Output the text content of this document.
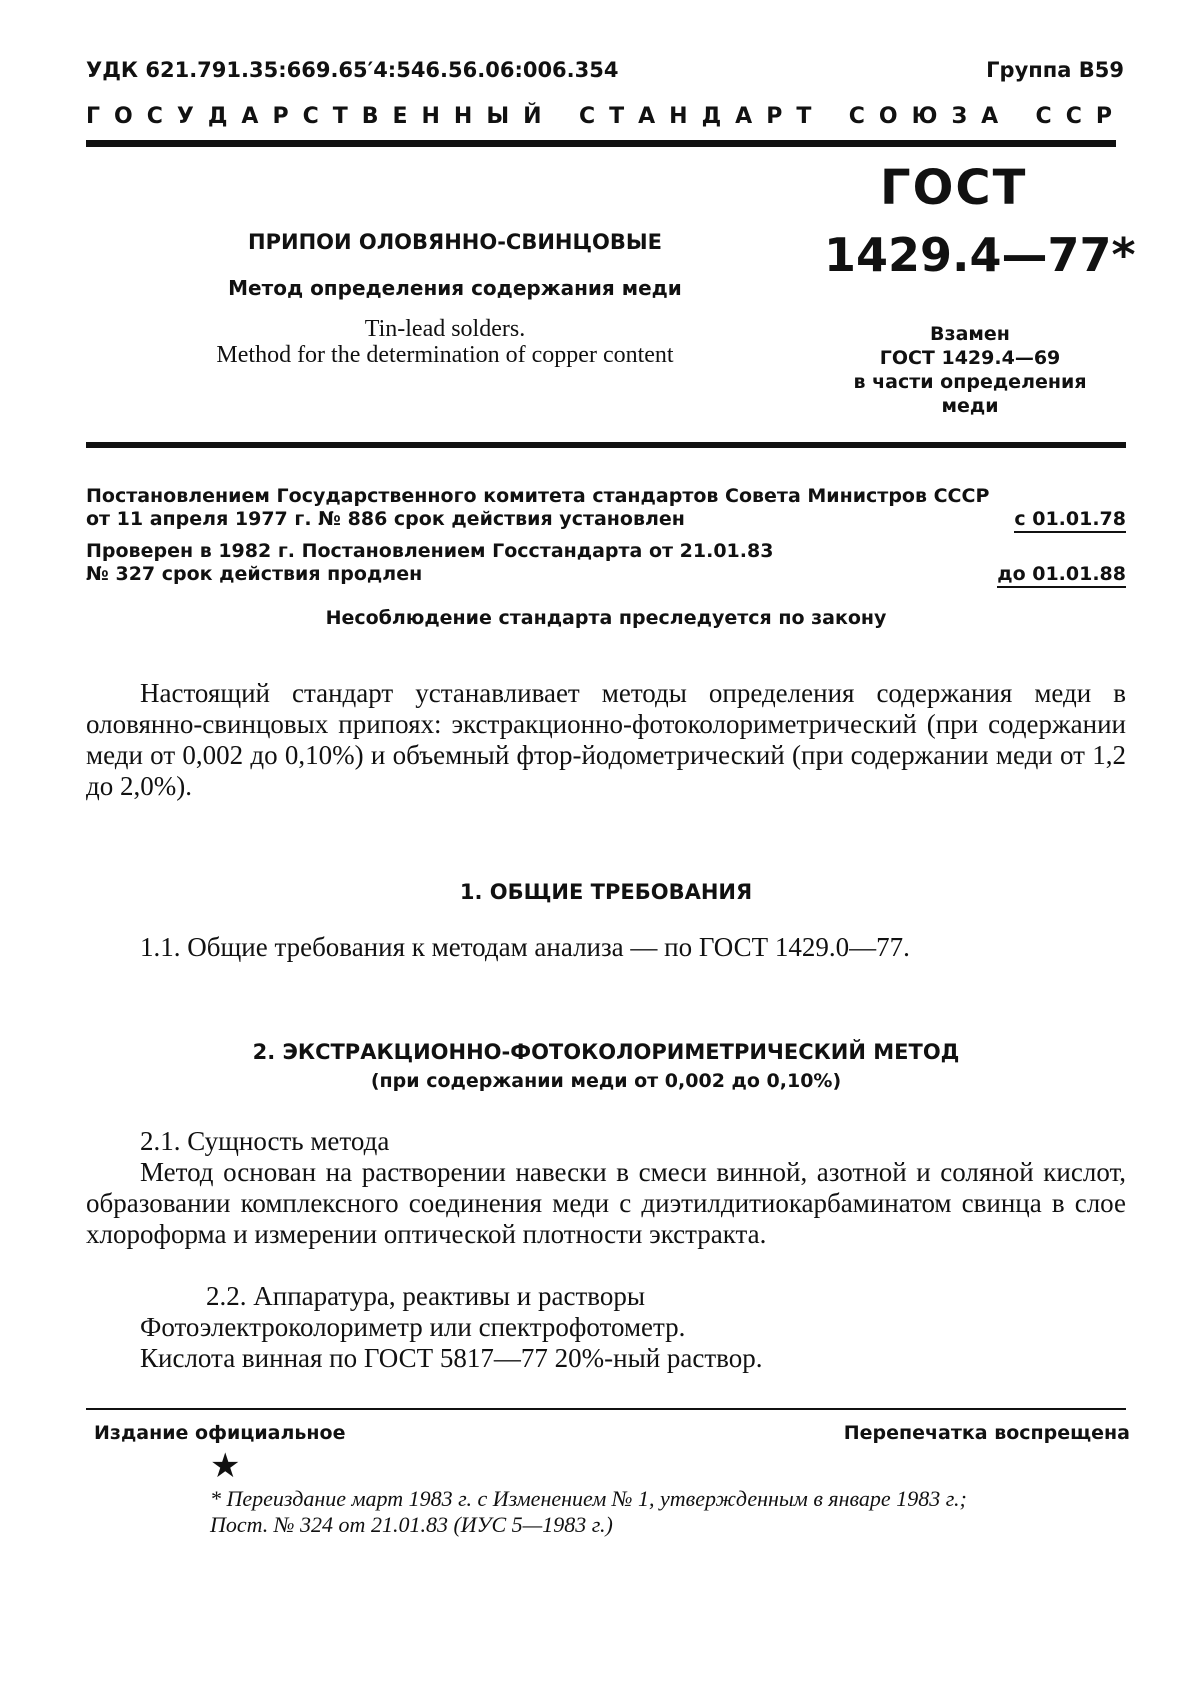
УДК 621.791.35:669.65′4:546.56.06:006.354	Группа В59
ГОСУДАРСТВЕННЫЙ СТАНДАРТ СОЮЗА ССР
ГОСТ
1429.4—77*
ПРИПОИ ОЛОВЯННО-СВИНЦОВЫЕ
Метод определения содержания меди
Tin-lead solders.
Method for the determination of copper content
Взамен
ГОСТ 1429.4—69
в части определения
меди
Постановлением Государственного комитета стандартов Совета Министров СССР
от 11 апреля 1977 г. № 886 срок действия установлен	с 01.01.78
Проверен в 1982 г. Постановлением Госстандарта от 21.01.83
№ 327 срок действия продлен	до 01.01.88
Несоблюдение стандарта преследуется по закону
Настоящий стандарт устанавливает методы определения содержания меди в оловянно-свинцовых припоях: экстракционно-фотоколориметрический (при содержании меди от 0,002 до 0,10%) и объемный фтор-йодометрический (при содержании меди от 1,2 до 2,0%).
1. ОБЩИЕ ТРЕБОВАНИЯ
1.1. Общие требования к методам анализа — по ГОСТ 1429.0—77.
2. ЭКСТРАКЦИОННО-ФОТОКОЛОРИМЕТРИЧЕСКИЙ МЕТОД
(при содержании меди от 0,002 до 0,10%)
2.1. Сущность метода
Метод основан на растворении навески в смеси винной, азотной и соляной кислот, образовании комплексного соединения меди с диэтилдитиокарбаминатом свинца в слое хлороформа и измерении оптической плотности экстракта.
2.2. Аппаратура, реактивы и растворы
Фотоэлектроколориметр или спектрофотометр.
Кислота винная по ГОСТ 5817—77 20%-ный раствор.
Издание официальное	Перепечатка воспрещена
★
* Переиздание март 1983 г. с Изменением № 1, утвержденным в январе 1983 г.; Пост. № 324 от 21.01.83 (ИУС 5—1983 г.)
